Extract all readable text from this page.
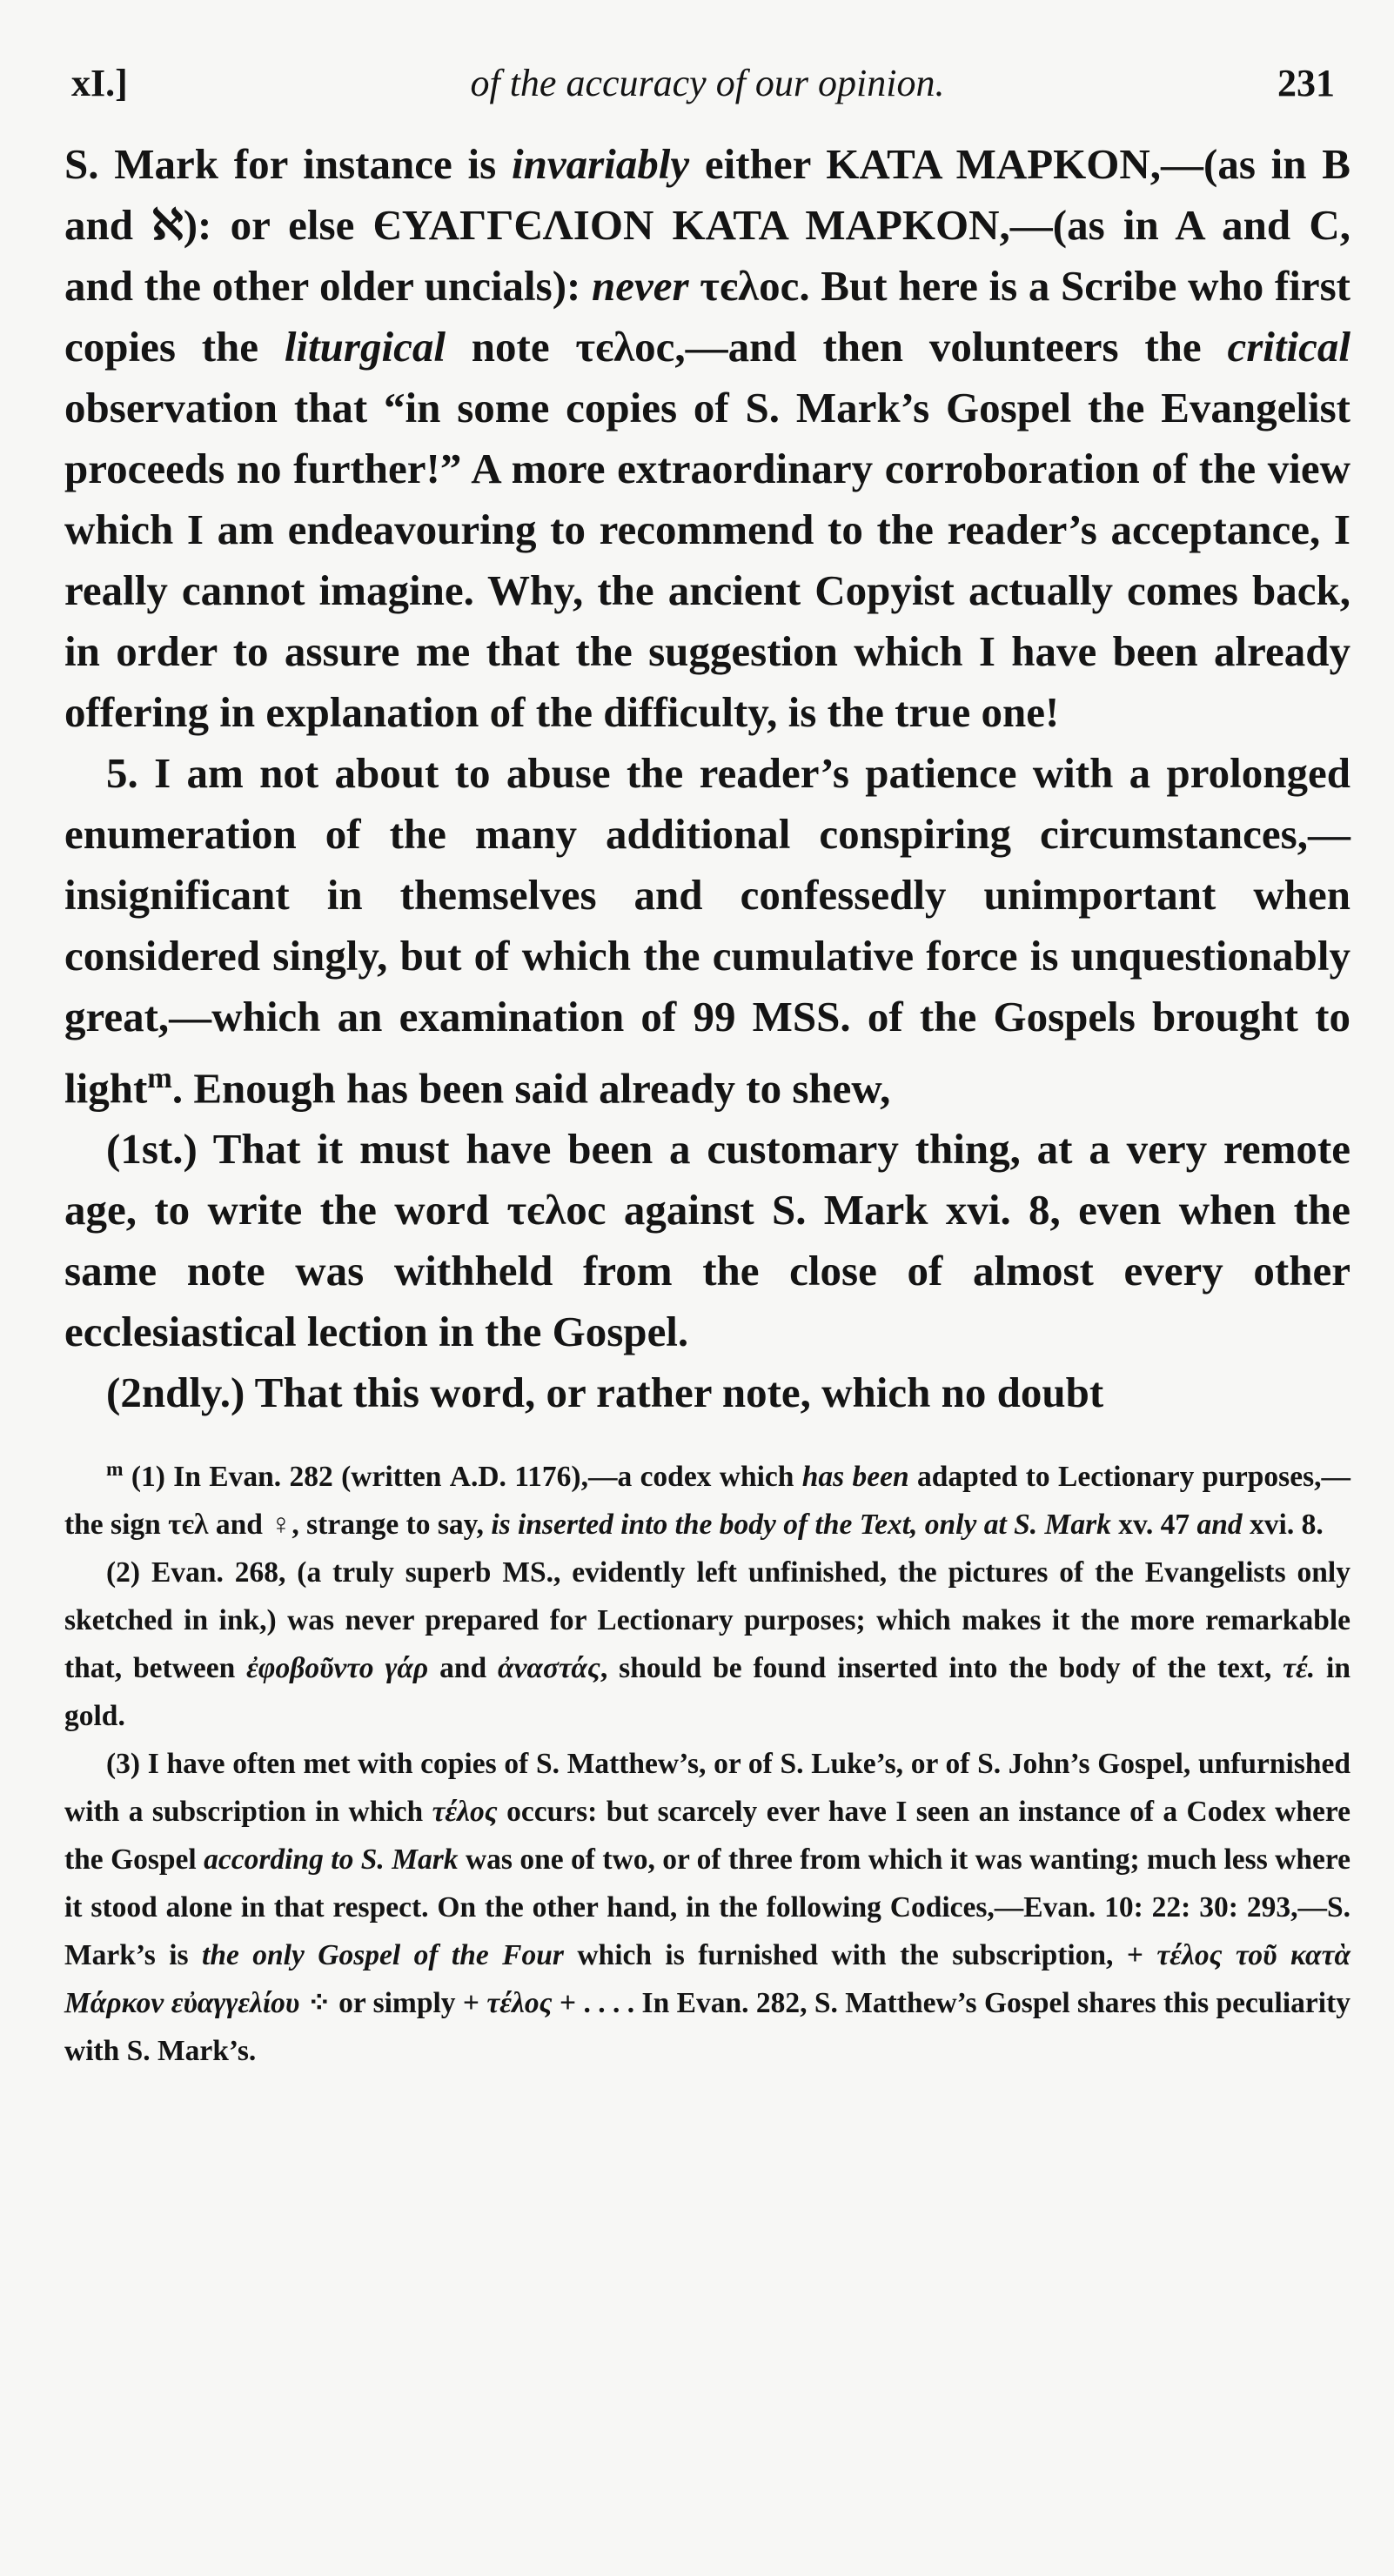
xI.]	of the accuracy of our opinion.	231

S. Mark for instance is invariably either KATA MAPKON,—(as in B and ℵ): or else ЄYAΓΓЄΛION KATA MAPKON,—(as in A and C, and the other older uncials): never τєλoc. But here is a Scribe who first copies the liturgical note τєλoc,—and then volunteers the critical observation that “in some copies of S. Mark’s Gospel the Evangelist proceeds no further!” A more extraordinary corroboration of the view which I am endeavouring to recommend to the reader’s acceptance, I really cannot imagine. Why, the ancient Copyist actually comes back, in order to assure me that the suggestion which I have been already offering in explanation of the difficulty, is the true one!

5. I am not about to abuse the reader’s patience with a prolonged enumeration of the many additional conspiring circumstances,—insignificant in themselves and confessedly unimportant when considered singly, but of which the cumulative force is unquestionably great,—which an examination of 99 MSS. of the Gospels brought to light$^m$. Enough has been said already to shew,

(1st.) That it must have been a customary thing, at a very remote age, to write the word τєλoc against S. Mark xvi. 8, even when the same note was withheld from the close of almost every other ecclesiastical lection in the Gospel.

(2ndly.) That this word, or rather note, which no doubt

$^m$ (1) In Evan. 282 (written A.D. 1176),—a codex which has been adapted to Lectionary purposes,—the sign τєλ and ♀, strange to say, is inserted into the body of the Text, only at S. Mark xv. 47 and xvi. 8.

(2) Evan. 268, (a truly superb MS., evidently left unfinished, the pictures of the Evangelists only sketched in ink,) was never prepared for Lectionary purposes; which makes it the more remarkable that, between ἐφοβοῦντο γάρ and ἀναστάς, should be found inserted into the body of the text, τέ. in gold.

(3) I have often met with copies of S. Matthew’s, or of S. Luke’s, or of S. John’s Gospel, unfurnished with a subscription in which τέλος occurs: but scarcely ever have I seen an instance of a Codex where the Gospel according to S. Mark was one of two, or of three from which it was wanting; much less where it stood alone in that respect. On the other hand, in the following Codices,—Evan. 10: 22: 30: 293,—S. Mark’s is the only Gospel of the Four which is furnished with the subscription, + τέλος τοῦ κατὰ Μάρκον εὐαγγελίου ⁘ or simply + τέλος + . . . . In Evan. 282, S. Matthew’s Gospel shares this peculiarity with S. Mark’s.
